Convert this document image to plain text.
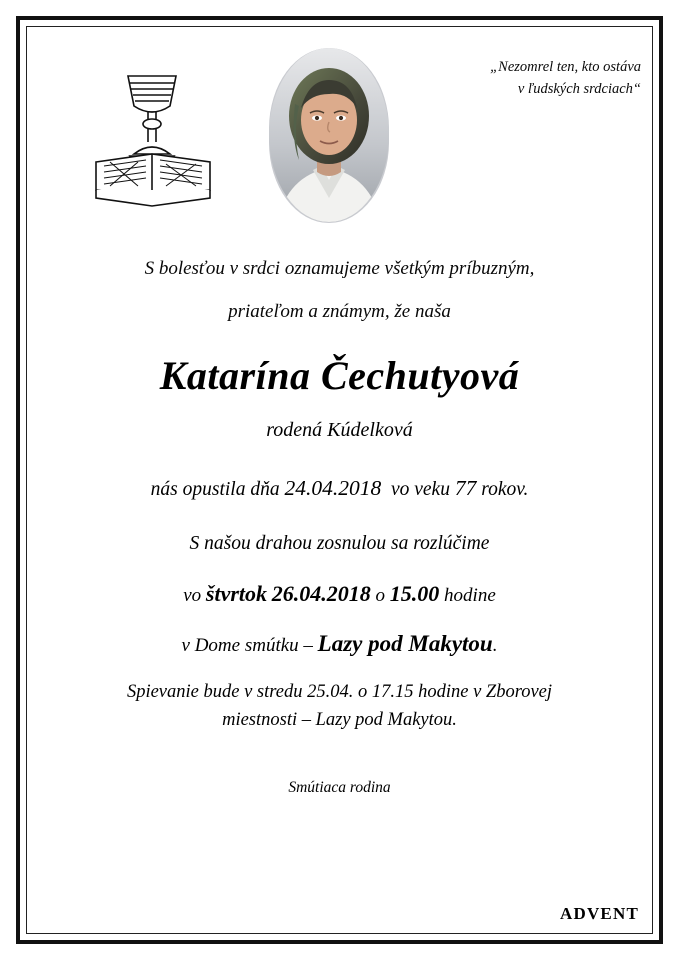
„Nezomrel ten, kto ostáva
v ľudských srdciach“

S bolesťou v srdci oznamujeme všetkým príbuzným,

priateľom a známym, že naša

Katarína Čechutyová
rodená Kúdelková
nás opustila dňa 24.04.2018 vo veku 77 rokov.
S našou drahou zosnulou sa rozlúčime
vo štvrtok 26.04.2018 o 15.00 hodine
v Dome smútku – Lazy pod Makytou.
Spievanie bude v stredu 25.04. o 17.15 hodine v Zborovej
miestnosti – Lazy pod Makytou.
Smútiaca rodina
ADVENT
